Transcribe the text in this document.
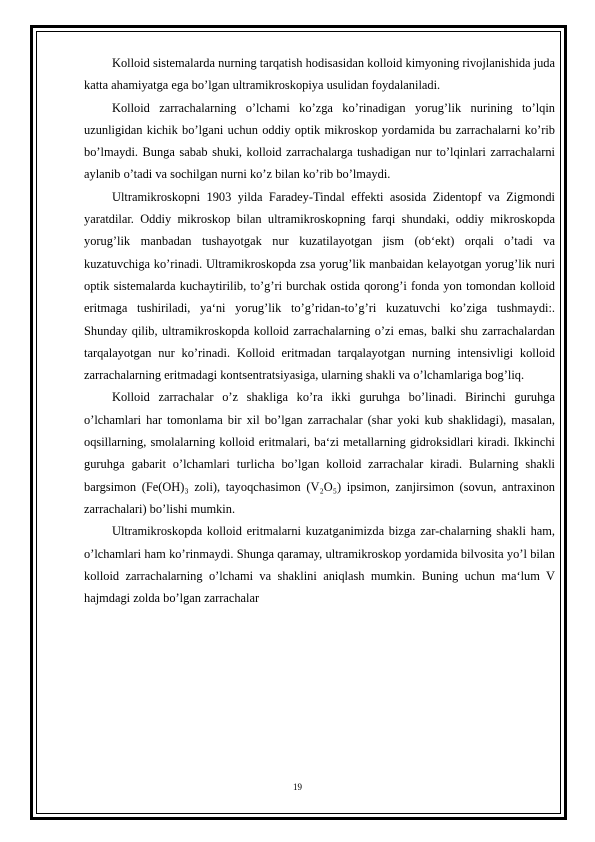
Kolloid sistemalarda nurning tarqatish hodisasidan kolloid kimyoning rivojlanishida juda katta ahamiyatga ega bo’lgan ultramikroskopiya usulidan foydalaniladi.

Kolloid zarrachalarning o’lchami ko’zga ko’rinadigan yorug’lik nurining to’lqin uzunligidan kichik bo’lgani uchun oddiy optik mikroskop yordamida bu zarrachalarni ko’rib bo’lmaydi. Bunga sabab shuki, kolloid zarrachalarga tushadigan nur to’lqinlari zarrachalarni aylanib o’tadi va sochilgan nurni ko’z bilan ko’rib bo’lmaydi.

Ultramikroskopni 1903 yilda Faradey-Tindal effekti asosida Zidentopf va Zigmondi yaratdilar. Oddiy mikroskop bilan ultramikroskopning farqi shundaki, oddiy mikroskopda yorug’lik manbadan tushayotgak nur kuzatilayotgan jism (ob‘ekt) orqali o’tadi va kuzatuvchiga ko’rinadi. Ultramikroskopda zsa yorug’lik manbaidan kelayotgan yorug’lik nuri optik sistemalarda kuchaytirilib, to’g’ri burchak ostida qorong’i fonda yon tomondan kolloid eritmaga tushiriladi, ya‘ni yorug’lik to’g’ridan-to’g’ri kuzatuvchi ko’ziga tushmaydi:. Shunday qilib, ultramikroskopda kolloid zarrachalarning o’zi emas, balki shu zarrachalardan tarqalayotgan nur ko’rinadi. Kolloid eritmadan tarqalayotgan nurning intensivligi kolloid zarrachalarning eritmadagi kontsentratsiyasiga, ularning shakli va o’lchamlariga bog’liq.

Kolloid zarrachalar o’z shakliga ko’ra ikki guruhga bo’linadi. Birinchi guruhga o’lchamlari har tomonlama bir xil bo’lgan zarrachalar (shar yoki kub shaklidagi), masalan, oqsillarning, smolalarning kolloid eritmalari, ba‘zi metallarning gidroksidlari kiradi. Ikkinchi guruhga gabarit o’lchamlari turlicha bo’lgan kolloid zarrachalar kiradi. Bularning shakli bargsimon (Fe(OH)₃ zoli), tayoqchasimon (V₂O₅) ipsimon, zanjirsimon (sovun, antraxinon zarrachalari) bo’lishi mumkin.

Ultramikroskopda kolloid eritmalarni kuzatganimizda bizga zar-chalarning shakli ham, o’lchamlari ham ko’rinmaydi. Shunga qaramay, ultramikroskop yordamida bilvosita yo’l bilan kolloid zarrachalarning o’lchami va shaklini aniqlash mumkin. Buning uchun ma‘lum V hajmdagi zolda bo’lgan zarrachalar

19
